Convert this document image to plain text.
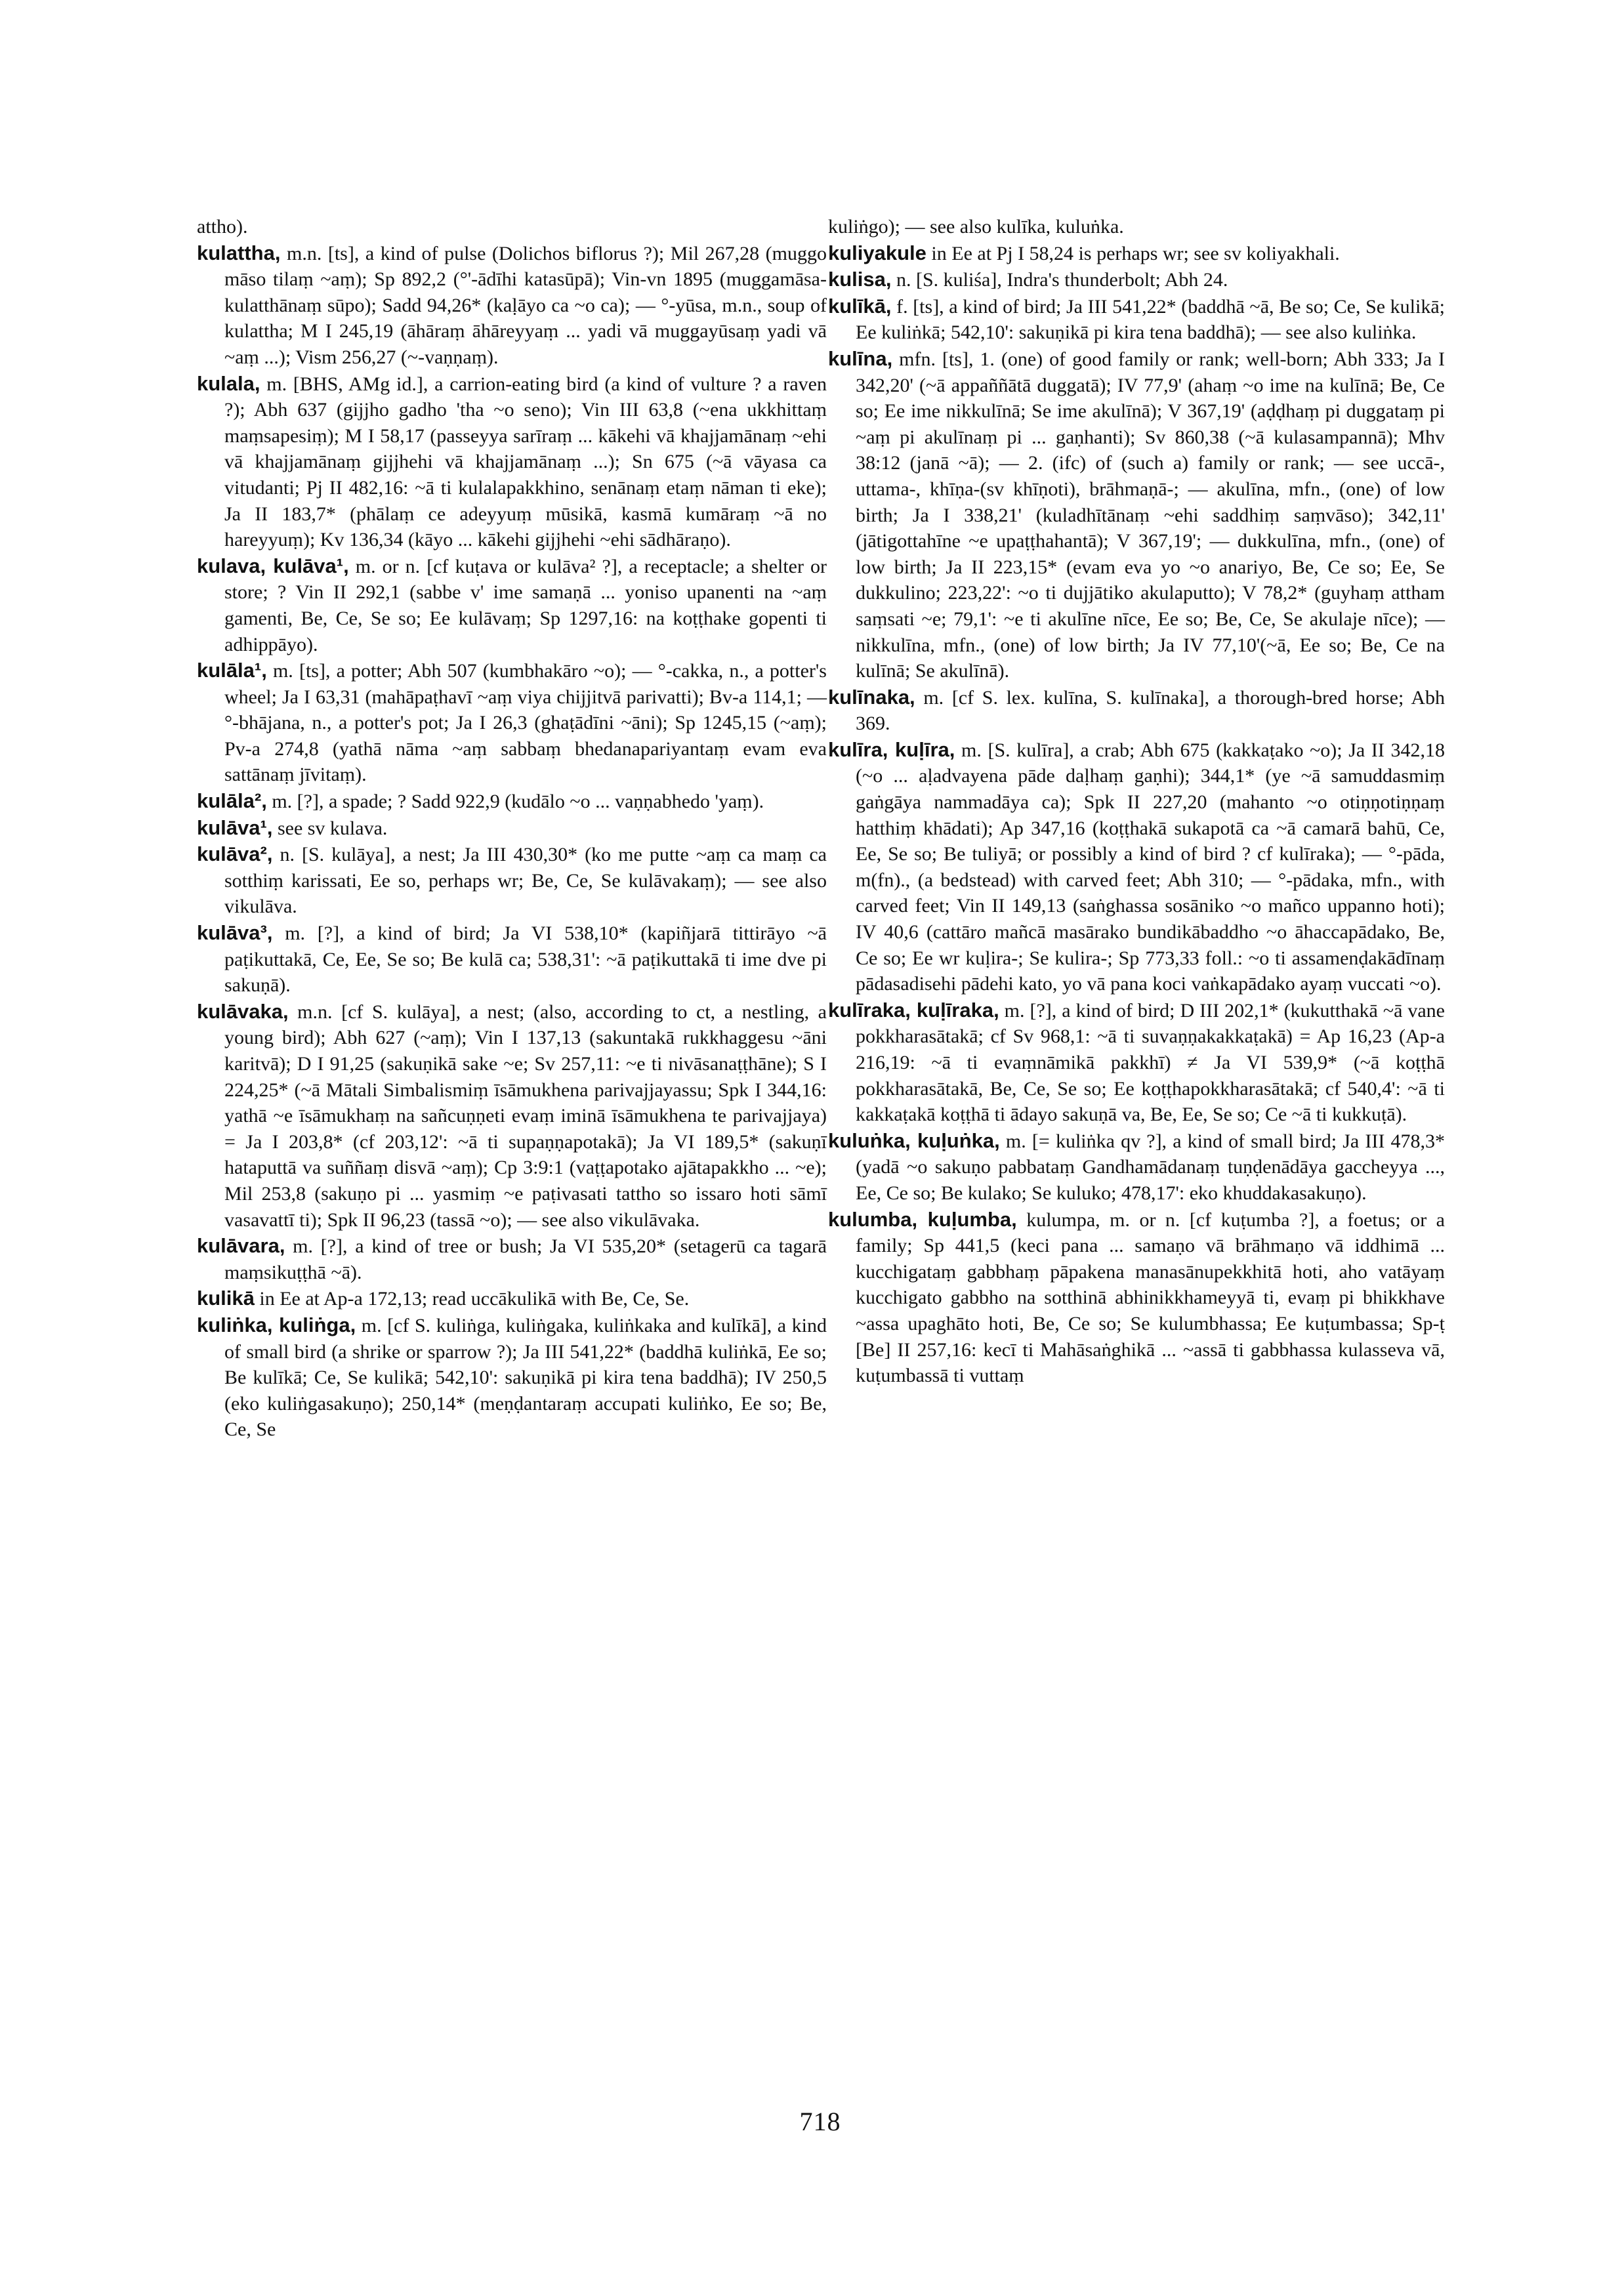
attho).

kulattha, m.n. [ts], a kind of pulse (Dolichos biflorus ?); Mil 267,28 (muggo māso tilaṃ ~aṃ); Sp 892,2 (°'-ādīhi katasūpā); Vin-vn 1895 (muggamāsa-kulatthānaṃ sūpo); Sadd 94,26* (kaḷāyo ca ~o ca); — °-yūsa, m.n., soup of kulattha; M I 245,19 (āhāraṃ āhāreyyaṃ ... yadi vā muggayūsaṃ yadi vā ~aṃ ...); Vism 256,27 (~-vaṇṇaṃ).

kulala, m. [BHS, AMg id.], a carrion-eating bird (a kind of vulture ? a raven ?); Abh 637 (gijjho gadho 'tha ~o seno); Vin III 63,8 (~ena ukkhittaṃ maṃsapesiṃ); M I 58,17 (passeyya sarīraṃ ... kākehi vā khajjamānaṃ ~ehi vā khajjamānaṃ gijjhehi vā khajjamānaṃ ...); Sn 675 (~ā vāyasa ca vitudanti; Pj II 482,16: ~ā ti kulalapakkhino, senānaṃ etaṃ nāman ti eke); Ja II 183,7* (phālaṃ ce adeyyuṃ mūsikā, kasmā kumāraṃ ~ā no hareyyuṃ); Kv 136,34 (kāyo ... kākehi gijjhehi ~ehi sādhāraṇo).

kulava, kulāva¹, m. or n. [cf kuṭava or kulāva² ?], a receptacle; a shelter or store; ? Vin II 292,1 (sabbe v' ime samaṇā ... yoniso upanenti na ~aṃ gamenti, Be, Ce, Se so; Ee kulāvaṃ; Sp 1297,16: na koṭṭhake gopenti ti adhippāyo).

kulāla¹, m. [ts], a potter; Abh 507 (kumbhakāro ~o); — °-cakka, n., a potter's wheel; Ja I 63,31 (mahāpaṭhavī ~aṃ viya chijjitvā parivatti); Bv-a 114,1; — °-bhājana, n., a potter's pot; Ja I 26,3 (ghaṭādīni ~āni); Sp 1245,15 (~aṃ); Pv-a 274,8 (yathā nāma ~aṃ sabbaṃ bhedanapariyantaṃ evam eva sattānaṃ jīvitaṃ).

kulāla², m. [?], a spade; ? Sadd 922,9 (kudālo ~o ... vaṇṇabhedo 'yaṃ).

kulāva¹, see sv kulava.

kulāva², n. [S. kulāya], a nest; Ja III 430,30* (ko me putte ~aṃ ca maṃ ca sotthiṃ karissati, Ee so, perhaps wr; Be, Ce, Se kulāvakaṃ); — see also vikulāva.

kulāva³, m. [?], a kind of bird; Ja VI 538,10* (kapiñjarā tittirāyo ~ā paṭikuttakā, Ce, Ee, Se so; Be kulā ca; 538,31': ~ā paṭikuttakā ti ime dve pi sakuṇā).

kulāvaka, m.n. [cf S. kulāya], a nest; (also, according to ct, a nestling, a young bird); Abh 627 (~aṃ); Vin I 137,13 (sakuntakā rukkhaggesu ~āni karitvā); D I 91,25 (sakuṇikā sake ~e; Sv 257,11: ~e ti nivāsanaṭṭhāne); S I 224,25* (~ā Mātali Simbalismiṃ īsāmukhena parivajjayassu; Spk I 344,16: yathā ~e īsāmukhaṃ na sañcuṇṇeti evaṃ iminā īsāmukhena te parivajjaya) = Ja I 203,8* (cf 203,12': ~ā ti supaṇṇapotakā); Ja VI 189,5* (sakuṇī hataputtā va suññaṃ disvā ~aṃ); Cp 3:9:1 (vaṭṭapotako ajātapakkho ... ~e); Mil 253,8 (sakuṇo pi ... yasmiṃ ~e paṭivasati tattho so issaro hoti sāmī vasavattī ti); Spk II 96,23 (tassā ~o); — see also vikulāvaka.

kulāvara, m. [?], a kind of tree or bush; Ja VI 535,20* (setagerū ca tagarā maṃsikuṭṭhā ~ā).

kulikā in Ee at Ap-a 172,13; read uccākulikā with Be, Ce, Se.

kuliṅka, kuliṅga, m. [cf S. kuliṅga, kuliṅgaka, kuliṅkaka and kulīkā], a kind of small bird (a shrike or sparrow ?); Ja III 541,22* (baddhā kuliṅkā, Ee so; Be kulīkā; Ce, Se kulikā; 542,10': sakuṇikā pi kira tena baddhā); IV 250,5 (eko kuliṅgasakuṇo); 250,14* (meṇḍantaraṃ accupati kuliṅko, Ee so; Be, Ce, Se

kuliṅgo); — see also kulīka, kuluṅka.

kuliyakule in Ee at Pj I 58,24 is perhaps wr; see sv koliyakhali.

kulisa, n. [S. kuliśa], Indra's thunderbolt; Abh 24.

kulīkā, f. [ts], a kind of bird; Ja III 541,22* (baddhā ~ā, Be so; Ce, Se kulikā; Ee kuliṅkā; 542,10': sakuṇikā pi kira tena baddhā); — see also kuliṅka.

kulīna, mfn. [ts], 1. (one) of good family or rank; well-born; Abh 333; Ja I 342,20' (~ā appaññātā duggatā); IV 77,9' (ahaṃ ~o ime na kulīnā; Be, Ce so; Ee ime nikkulīnā; Se ime akulīnā); V 367,19' (aḍḍhaṃ pi duggataṃ pi ~aṃ pi akulīnaṃ pi ... gaṇhanti); Sv 860,38 (~ā kulasampannā); Mhv 38:12 (janā ~ā); — 2. (ifc) of (such a) family or rank; — see uccā-, uttama-, khīṇa-(sv khīṇoti), brāhmaṇā-; — akulīna, mfn., (one) of low birth; Ja I 338,21' (kuladhītānaṃ ~ehi saddhiṃ saṃvāso); 342,11' (jātigottahīne ~e upaṭṭhahantā); V 367,19'; — dukkulīna, mfn., (one) of low birth; Ja II 223,15* (evam eva yo ~o anariyo, Be, Ce so; Ee, Se dukkulino; 223,22': ~o ti dujjātiko akulaputto); V 78,2* (guyhaṃ attham saṃsati ~e; 79,1': ~e ti akulīne nīce, Ee so; Be, Ce, Se akulaje nīce); — nikkulīna, mfn., (one) of low birth; Ja IV 77,10'(~ā, Ee so; Be, Ce na kulīnā; Se akulīnā).

kulīnaka, m. [cf S. lex. kulīna, S. kulīnaka], a thorough-bred horse; Abh 369.

kulīra, kuḷīra, m. [S. kulīra], a crab; Abh 675 (kakkaṭako ~o); Ja II 342,18 (~o ... aḷadvayena pāde daḷhaṃ gaṇhi); 344,1* (ye ~ā samuddasmiṃ gaṅgāya nammadāya ca); Spk II 227,20 (mahanto ~o otiṇṇotiṇṇaṃ hatthiṃ khādati); Ap 347,16 (koṭṭhakā sukapotā ca ~ā camarā bahū, Ce, Ee, Se so; Be tuliyā; or possibly a kind of bird ? cf kulīraka); — °-pāda, m(fn)., (a bedstead) with carved feet; Abh 310; — °-pādaka, mfn., with carved feet; Vin II 149,13 (saṅghassa sosāniko ~o mañco uppanno hoti); IV 40,6 (cattāro mañcā masārako bundikābaddho ~o āhaccapādako, Be, Ce so; Ee wr kuḷira-; Se kulira-; Sp 773,33 foll.: ~o ti assamenḍakādīnaṃ pādasadisehi pādehi kato, yo vā pana koci vaṅkapādako ayaṃ vuccati ~o).

kulīraka, kuḷīraka, m. [?], a kind of bird; D III 202,1* (kukutthakā ~ā vane pokkharasātakā; cf Sv 968,1: ~ā ti suvaṇṇakakkaṭakā) = Ap 16,23 (Ap-a 216,19: ~ā ti evaṃnāmikā pakkhī) ≠ Ja VI 539,9* (~ā koṭṭhā pokkharasātakā, Be, Ce, Se so; Ee koṭṭhapokkharasātakā; cf 540,4': ~ā ti kakkaṭakā koṭṭhā ti ādayo sakuṇā va, Be, Ee, Se so; Ce ~ā ti kukkuṭā).

kuluṅka, kuḷuṅka, m. [= kuliṅka qv ?], a kind of small bird; Ja III 478,3* (yadā ~o sakuṇo pabbataṃ Gandhamādanaṃ tuṇḍenādāya gaccheyya ..., Ee, Ce so; Be kulako; Se kuluko; 478,17': eko khuddakasakuṇo).

kulumba, kuḷumba, kulumpa, m. or n. [cf kuṭumba ?], a foetus; or a family; Sp 441,5 (keci pana ... samaṇo vā brāhmaṇo vā iddhimā ... kucchigataṃ gabbhaṃ pāpakena manasānupekkhitā hoti, aho vatāyaṃ kucchigato gabbho na sotthinā abhinikkhameyyā ti, evaṃ pi bhikkhave ~assa upaghāto hoti, Be, Ce so; Se kulumbhassa; Ee kuṭumbassa; Sp-ṭ [Be] II 257,16: kecī ti Mahāsaṅghikā ... ~assā ti gabbhassa kulasseva vā, kuṭumbassā ti vuttaṃ

718
